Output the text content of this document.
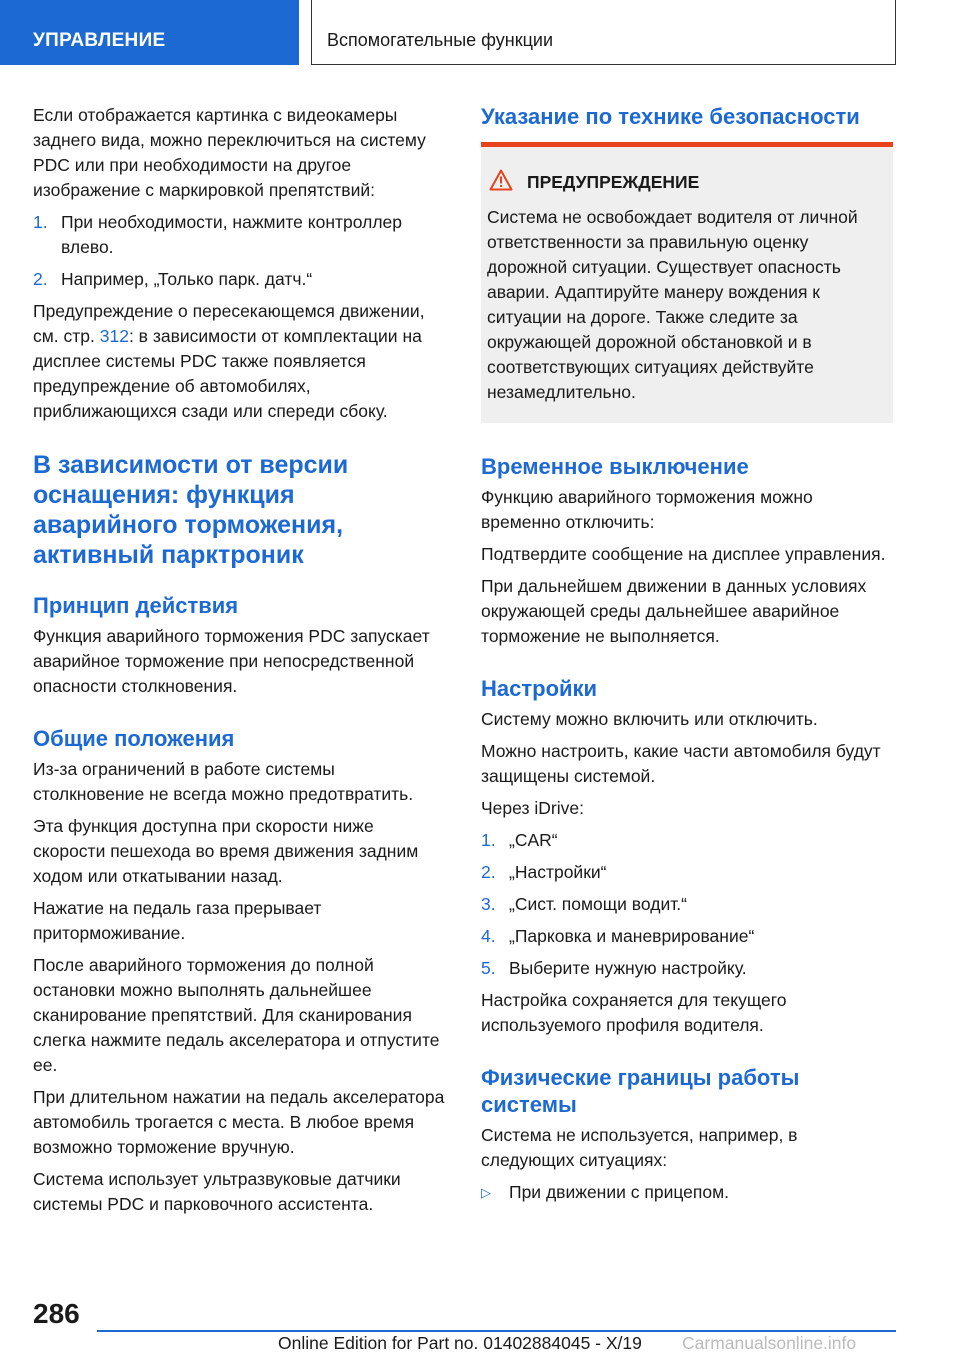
УПРАВЛЕНИЕ	Вспомогательные функции

Если отображается картинка с видеокамеры заднего вида, можно переключиться на систему PDC или при необходимости на другое изображение с маркировкой препятствий:

1. При необходимости, нажмите контроллер влево.
2. Например, „Только парк. датч.“

Предупреждение о пересекающемся движении, см. стр. 312: в зависимости от комплектации на дисплее системы PDC также появляется предупреждение об автомобилях, приближающихся сзади или спереди сбоку.

В зависимости от версии оснащения: функция аварийного торможения, активный парктроник
Принцип действия

Функция аварийного торможения PDC запускает аварийное торможение при непосредственной опасности столкновения.

Общие положения

Из-за ограничений в работе системы столкновение не всегда можно предотвратить.

Эта функция доступна при скорости ниже скорости пешехода во время движения задним ходом или откатывании назад.

Нажатие на педаль газа прерывает приторможивание.

После аварийного торможения до полной остановки можно выполнять дальнейшее сканирование препятствий. Для сканирования слегка нажмите педаль акселератора и отпустите ее.

При длительном нажатии на педаль акселератора автомобиль трогается с места. В любое время возможно торможение вручную.

Система использует ультразвуковые датчики системы PDC и парковочного ассистента.

Указание по технике безопасности
ПРЕДУПРЕЖДЕНИЕ
Система не освобождает водителя от личной ответственности за правильную оценку дорожной ситуации. Существует опасность аварии. Адаптируйте манеру вождения к ситуации на дороге. Также следите за окружающей дорожной обстановкой и в соответствующих ситуациях действуйте незамедлительно.
Временное выключение

Функцию аварийного торможения можно временно отключить:

Подтвердите сообщение на дисплее управления.

При дальнейшем движении в данных условиях окружающей среды дальнейшее аварийное торможение не выполняется.

Настройки

Систему можно включить или отключить.

Можно настроить, какие части автомобиля будут защищены системой.

Через iDrive:

1. „CAR“
2. „Настройки“
3. „Сист. помощи водит.“
4. „Парковка и маневрирование“
5. Выберите нужную настройку.

Настройка сохраняется для текущего используемого профиля водителя.

Физические границы работы системы

Система не используется, например, в следующих ситуациях:

▷ При движении с прицепом.
286
Online Edition for Part no. 01402884045 - X/19 Carmanualsonline.info
